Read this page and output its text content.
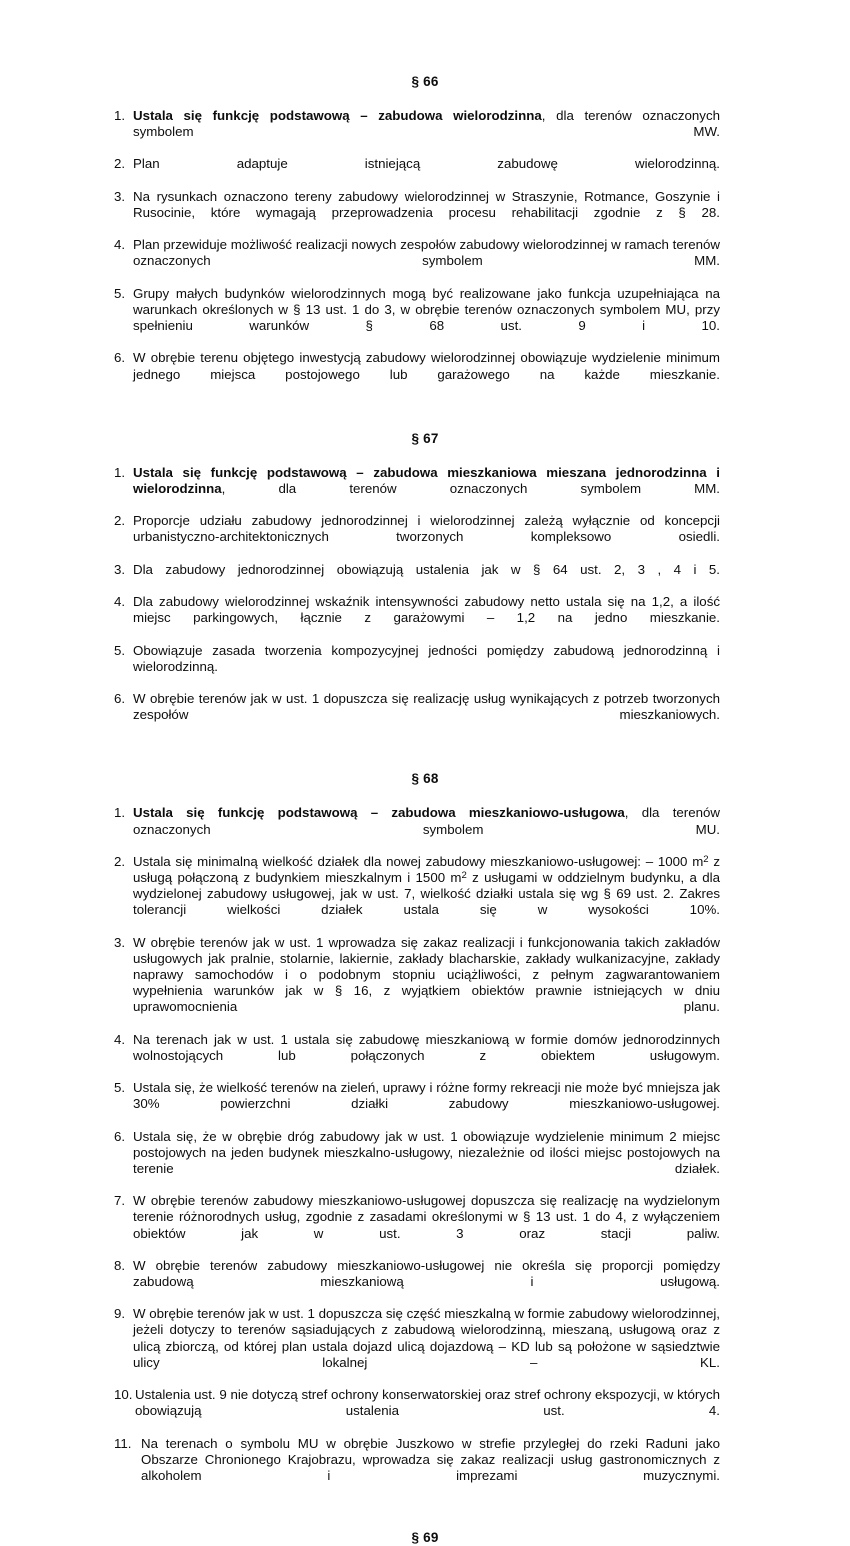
§ 66
1. Ustala się funkcję podstawową – zabudowa wielorodzinna, dla terenów oznaczonych symbolem MW.
2. Plan adaptuje istniejącą zabudowę wielorodzinną.
3. Na rysunkach oznaczono tereny zabudowy wielorodzinnej w Straszynie, Rotmance, Goszynie i Rusocinie, które wymagają przeprowadzenia procesu rehabilitacji zgodnie z § 28.
4. Plan przewiduje możliwość realizacji nowych zespołów zabudowy wielorodzinnej w ramach terenów oznaczonych symbolem MM.
5. Grupy małych budynków wielorodzinnych mogą być realizowane jako funkcja uzupełniająca na warunkach określonych w § 13 ust. 1 do 3, w obrębie terenów oznaczonych symbolem MU, przy spełnieniu warunków § 68 ust. 9 i 10.
6. W obrębie terenu objętego inwestycją zabudowy wielorodzinnej obowiązuje wydzielenie minimum jednego miejsca postojowego lub garażowego na każde mieszkanie.
§ 67
1. Ustala się funkcję podstawową – zabudowa mieszkaniowa mieszana jednorodzinna i wielorodzinna, dla terenów oznaczonych symbolem MM.
2. Proporcje udziału zabudowy jednorodzinnej i wielorodzinnej zależą wyłącznie od koncepcji urbanistyczno-architektonicznych tworzonych kompleksowo osiedli.
3. Dla zabudowy jednorodzinnej obowiązują ustalenia jak w § 64 ust. 2, 3 , 4 i 5.
4. Dla zabudowy wielorodzinnej wskaźnik intensywności zabudowy netto ustala się na 1,2, a ilość miejsc parkingowych, łącznie z garażowymi – 1,2 na jedno mieszkanie.
5. Obowiązuje zasada tworzenia kompozycyjnej jedności pomiędzy zabudową jednorodzinną i wielorodzinną.
6. W obrębie terenów jak w ust. 1 dopuszcza się realizację usług wynikających z potrzeb tworzonych zespołów mieszkaniowych.
§ 68
1. Ustala się funkcję podstawową – zabudowa mieszkaniowo-usługowa, dla terenów oznaczonych symbolem MU.
2. Ustala się minimalną wielkość działek dla nowej zabudowy mieszkaniowo-usługowej: – 1000 $m^2$ z usługą połączoną z budynkiem mieszkalnym i 1500 $m^2$ z usługami w oddzielnym budynku, a dla wydzielonej zabudowy usługowej, jak w ust. 7, wielkość działki ustala się wg § 69 ust. 2. Zakres tolerancji wielkości działek ustala się w wysokości 10%.
3. W obrębie terenów jak w ust. 1 wprowadza się zakaz realizacji i funkcjonowania takich zakładów usługowych jak pralnie, stolarnie, lakiernie, zakłady blacharskie, zakłady wulkanizacyjne, zakłady naprawy samochodów i o podobnym stopniu uciążliwości, z pełnym zagwarantowaniem wypełnienia warunków jak w § 16, z wyjątkiem obiektów prawnie istniejących w dniu uprawomocnienia planu.
4. Na terenach jak w ust. 1 ustala się zabudowę mieszkaniową w formie domów jednorodzinnych wolnostojących lub połączonych z obiektem usługowym.
5. Ustala się, że wielkość terenów na zieleń, uprawy i różne formy rekreacji nie może być mniejsza jak 30% powierzchni działki zabudowy mieszkaniowo-usługowej.
6. Ustala się, że w obrębie dróg zabudowy jak w ust. 1 obowiązuje wydzielenie minimum 2 miejsc postojowych na jeden budynek mieszkalno-usługowy, niezależnie od ilości miejsc postojowych na terenie działek.
7. W obrębie terenów zabudowy mieszkaniowo-usługowej dopuszcza się realizację na wydzielonym terenie różnorodnych usług, zgodnie z zasadami określonymi w § 13 ust. 1 do 4, z wyłączeniem obiektów jak w ust. 3 oraz stacji paliw.
8. W obrębie terenów zabudowy mieszkaniowo-usługowej nie określa się proporcji pomiędzy zabudową mieszkaniową i usługową.
9. W obrębie terenów jak w ust. 1 dopuszcza się część mieszkalną w formie zabudowy wielorodzinnej, jeżeli dotyczy to terenów sąsiadujących z zabudową wielorodzinną, mieszaną, usługową oraz z ulicą zbiorczą, od której plan ustala dojazd ulicą dojazdową – KD lub są położone w sąsiedztwie ulicy lokalnej – KL.
10. Ustalenia ust. 9 nie dotyczą stref ochrony konserwatorskiej oraz stref ochrony ekspozycji, w których obowiązują ustalenia ust. 4.
11. Na terenach o symbolu MU w obrębie Juszkowo w strefie przyległej do rzeki Raduni jako Obszarze Chronionego Krajobrazu, wprowadza się zakaz realizacji usług gastronomicznych z alkoholem i imprezami muzycznymi.
§ 69
